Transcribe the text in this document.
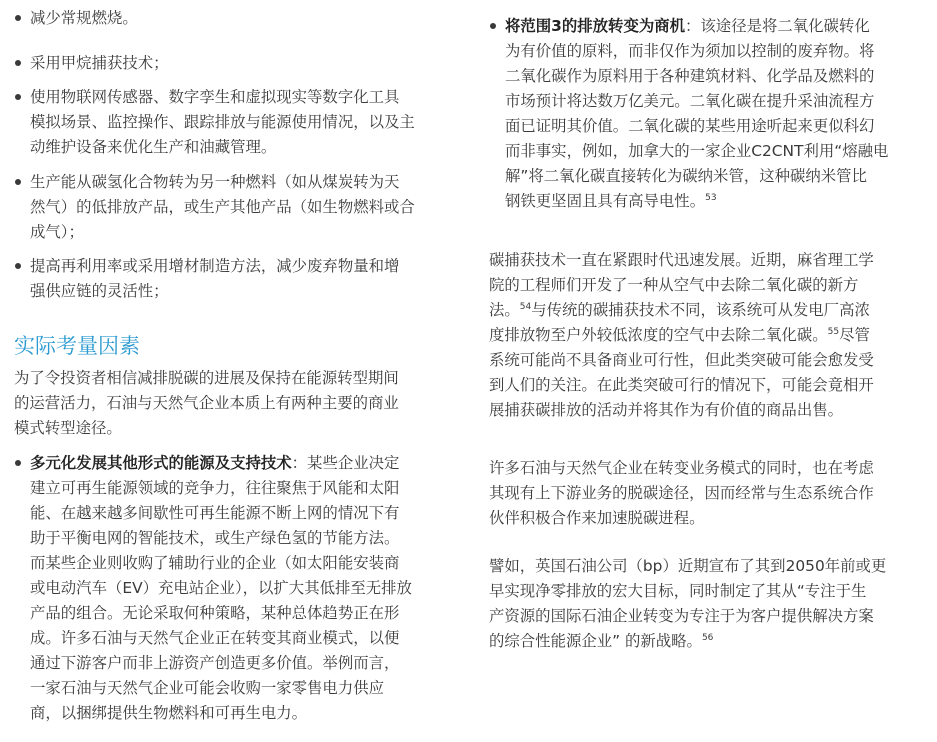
减少常规燃烧。

采用甲烷捕获技术；

使用物联网传感器、数字孪生和虚拟现实等数字化工具
模拟场景、监控操作、跟踪排放与能源使用情况，以及主
动维护设备来优化生产和油藏管理。

生产能从碳氢化合物转为另一种燃料（如从煤炭转为天
然气）的低排放产品，或生产其他产品（如生物燃料或合
成气）；

提高再利用率或采用增材制造方法，减少废弃物量和增
强供应链的灵活性；

实际考量因素

为了令投资者相信减排脱碳的进展及保持在能源转型期间
的运营活力，石油与天然气企业本质上有两种主要的商业
模式转型途径。

多元化发展其他形式的能源及支持技术：某些企业决定
建立可再生能源领域的竞争力，往往聚焦于风能和太阳
能、在越来越多间歇性可再生能源不断上网的情况下有
助于平衡电网的智能技术，或生产绿色氢的节能方法。
而某些企业则收购了辅助行业的企业（如太阳能安装商
或电动汽车（EV）充电站企业），以扩大其低排至无排放
产品的组合。无论采取何种策略，某种总体趋势正在形
成。许多石油与天然气企业正在转变其商业模式，以便
通过下游客户而非上游资产创造更多价值。举例而言，
一家石油与天然气企业可能会收购一家零售电力供应
商，以捆绑提供生物燃料和可再生电力。

将范围3的排放转变为商机：该途径是将二氧化碳转化
为有价值的原料，而非仅作为须加以控制的废弃物。将
二氧化碳作为原料用于各种建筑材料、化学品及燃料的
市场预计将达数万亿美元。二氧化碳在提升采油流程方
面已证明其价值。二氧化碳的某些用途听起来更似科幻
而非事实，例如，加拿大的一家企业C2CNT利用“熔融电
解”将二氧化碳直接转化为碳纳米管，这种碳纳米管比
钢铁更坚固且具有高导电性。$^{53}$

碳捕获技术一直在紧跟时代迅速发展。近期，麻省理工学
院的工程师们开发了一种从空气中去除二氧化碳的新方
法。$^{54}$与传统的碳捕获技术不同，该系统可从发电厂高浓
度排放物至户外较低浓度的空气中去除二氧化碳。$^{55}$尽管
系统可能尚不具备商业可行性，但此类突破可能会愈发受
到人们的关注。在此类突破可行的情况下，可能会竟相开
展捕获碳排放的活动并将其作为有价值的商品出售。

许多石油与天然气企业在转变业务模式的同时，也在考虑
其现有上下游业务的脱碳途径，因而经常与生态系统合作
伙伴积极合作来加速脱碳进程。

譬如，英国石油公司（bp）近期宣布了其到2050年前或更
早实现净零排放的宏大目标，同时制定了其从“专注于生
产资源的国际石油企业转变为专注于为客户提供解决方案
的综合性能源企业” 的新战略。$^{56}$
